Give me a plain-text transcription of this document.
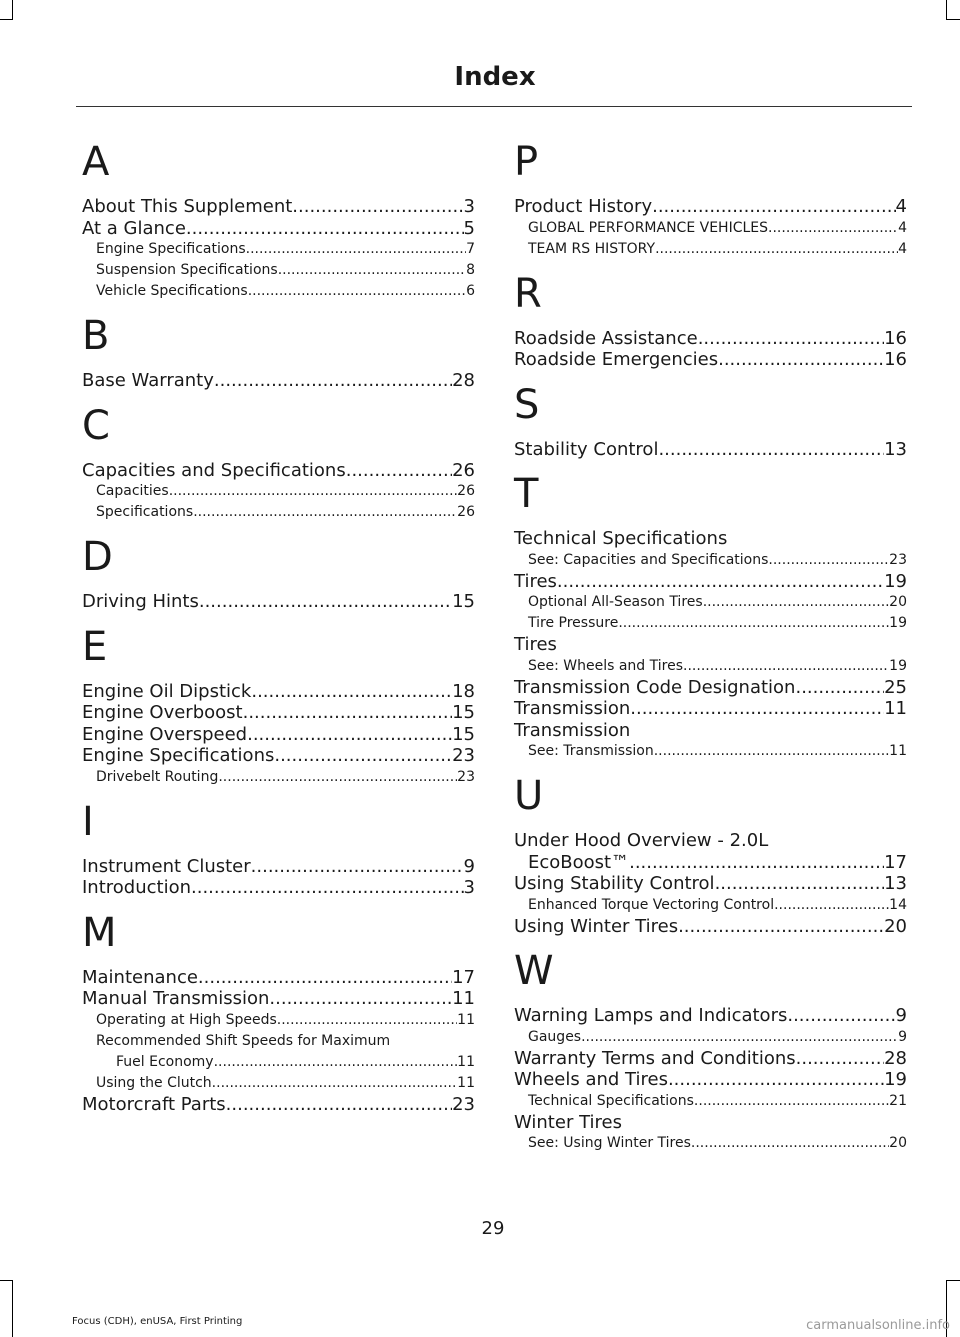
Index
A
About This Supplement .....	3
At a Glance .....	5
Engine Specifications .....	7
Suspension Specifications .....	8
Vehicle Specifications .....	6
B
Base Warranty .....	28
C
Capacities and Specifications .....	26
Capacities .....	26
Specifications .....	26
D
Driving Hints .....	15
E
Engine Oil Dipstick .....	18
Engine Overboost .....	15
Engine Overspeed .....	15
Engine Specifications .....	23
Drivebelt Routing .....	23
I
Instrument Cluster .....	9
Introduction .....	3
M
Maintenance .....	17
Manual Transmission .....	11
Operating at High Speeds .....	11
Recommended Shift Speeds for Maximum
Fuel Economy .....	11
Using the Clutch .....	11
Motorcraft Parts .....	23
P
Product History .....	4
GLOBAL PERFORMANCE VEHICLES .....	4
TEAM RS HISTORY .....	4
R
Roadside Assistance .....	16
Roadside Emergencies .....	16
S
Stability Control .....	13
T
Technical Specifications
See: Capacities and Specifications .....	23
Tires .....	19
Optional All-Season Tires .....	20
Tire Pressure .....	19
Tires
See: Wheels and Tires .....	19
Transmission Code Designation .....	25
Transmission .....	11
Transmission
See: Transmission .....	11
U
Under Hood Overview - 2.0L
EcoBoost™ .....	17
Using Stability Control .....	13
Enhanced Torque Vectoring Control .....	14
Using Winter Tires .....	20
W
Warning Lamps and Indicators .....	9
Gauges .....	9
Warranty Terms and Conditions .....	28
Wheels and Tires .....	19
Technical Specifications .....	21
Winter Tires
See: Using Winter Tires .....	20
29
Focus (CDH), enUSA, First Printing	carmanualsonline.info
